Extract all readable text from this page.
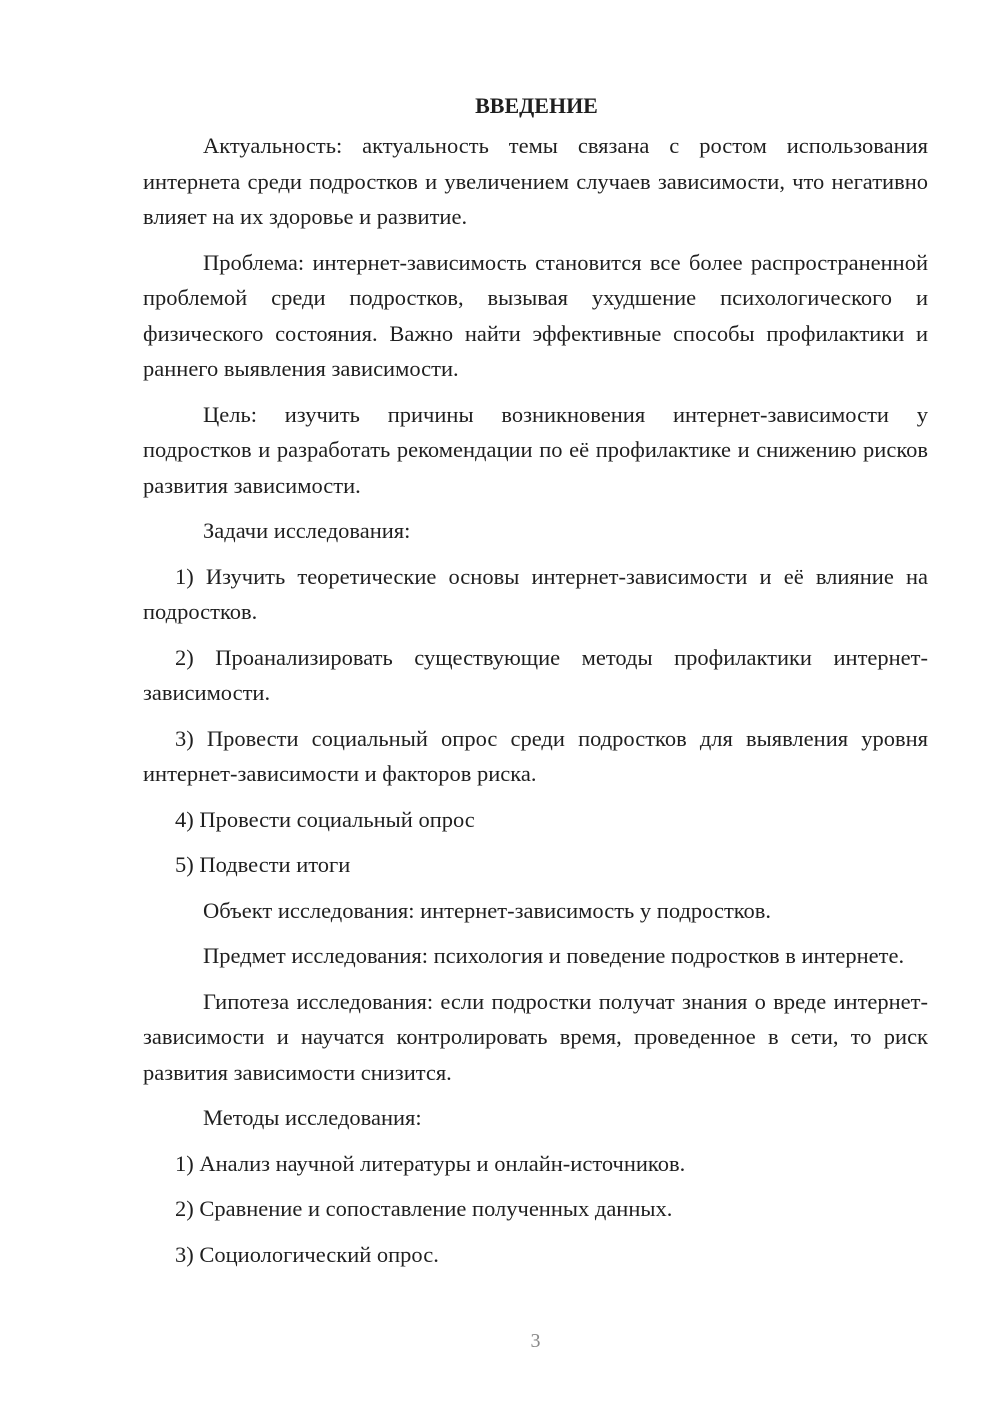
ВВЕДЕНИЕ

Актуальность: актуальность темы связана с ростом использования интернета среди подростков и увеличением случаев зависимости, что негативно влияет на их здоровье и развитие.

Проблема: интернет-зависимость становится все более распространенной проблемой среди подростков, вызывая ухудшение психологического и физического состояния. Важно найти эффективные способы профилактики и раннего выявления зависимости.

Цель: изучить причины возникновения интернет-зависимости у подростков и разработать рекомендации по её профилактике и снижению рисков развития зависимости.

Задачи исследования:

1) Изучить теоретические основы интернет-зависимости и её влияние на подростков.

2) Проанализировать существующие методы профилактики интернет-зависимости.

3) Провести социальный опрос среди подростков для выявления уровня интернет-зависимости и факторов риска.

4) Провести социальный опрос

5) Подвести итоги

Объект исследования: интернет-зависимость у подростков.

Предмет исследования: психология и поведение подростков в интернете.

Гипотеза исследования: если подростки получат знания о вреде интернет-зависимости и научатся контролировать время, проведенное в сети, то риск развития зависимости снизится.

Методы исследования:

1) Анализ научной литературы и онлайн-источников.

2) Сравнение и сопоставление полученных данных.

3) Социологический опрос.

3
